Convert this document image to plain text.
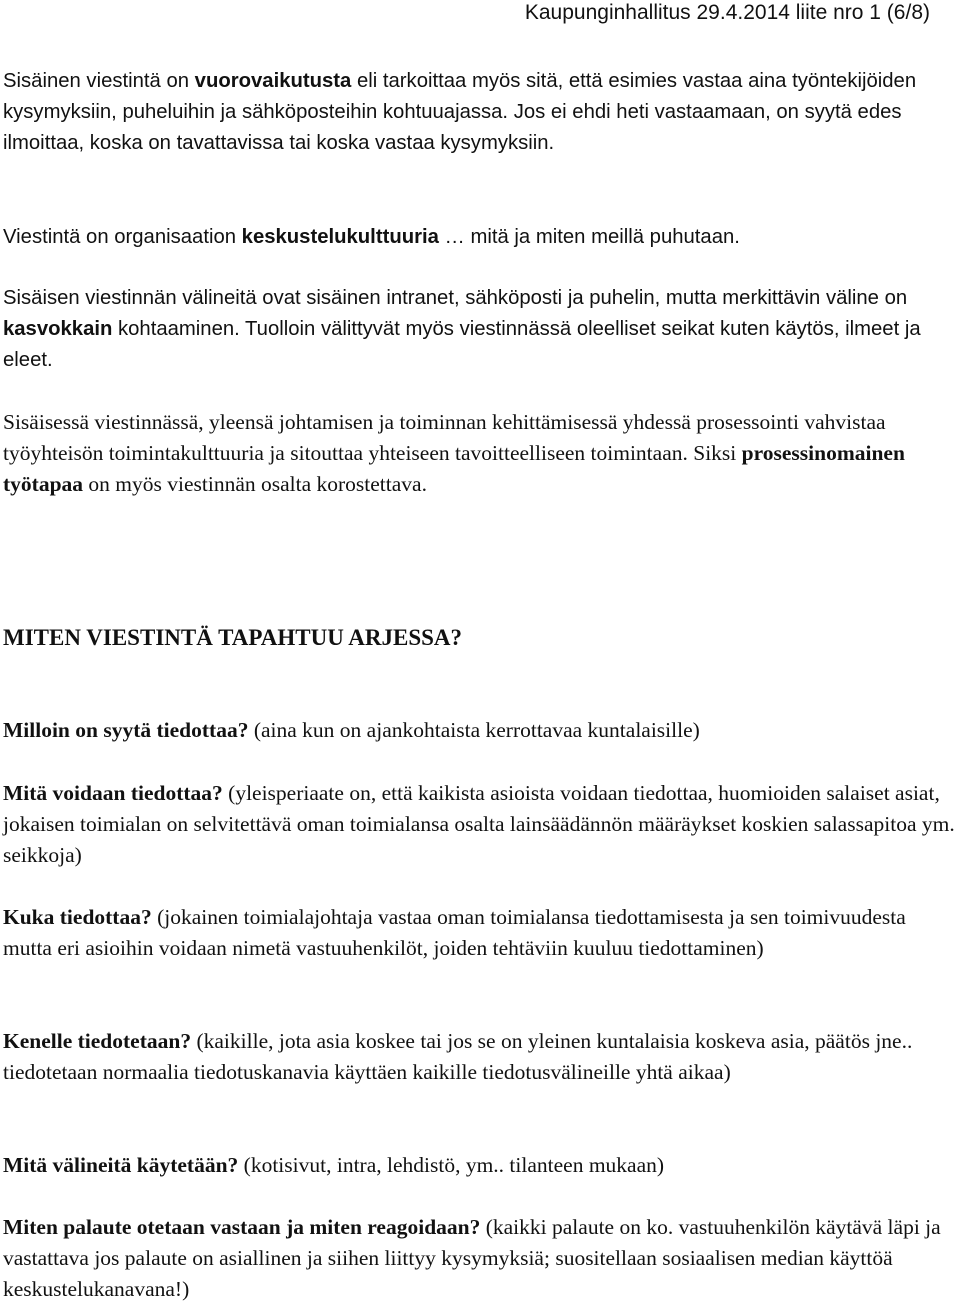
Kaupunginhallitus 29.4.2014 liite nro 1 (6/8)

Sisäinen viestintä on vuorovaikutusta eli tarkoittaa myös sitä, että esimies vastaa aina työntekijöiden kysymyksiin, puheluihin ja sähköposteihin kohtuuajassa. Jos ei ehdi heti vastaamaan, on syytä edes ilmoittaa, koska on tavattavissa tai koska vastaa kysymyksiin.

Viestintä on organisaation keskustelukulttuuria … mitä ja miten meillä puhutaan.

Sisäisen viestinnän välineitä ovat sisäinen intranet, sähköposti ja puhelin, mutta merkittävin väline on kasvokkain kohtaaminen. Tuolloin välittyvät myös viestinnässä oleelliset seikat kuten käytös, ilmeet ja eleet.

Sisäisessä viestinnässä, yleensä johtamisen ja toiminnan kehittämisessä yhdessä prosessointi vahvistaa työyhteisön toimintakulttuuria ja sitouttaa yhteiseen tavoitteelliseen toimintaan. Siksi prosessinomainen työtapaa on myös viestinnän osalta korostettava.

MITEN VIESTINTÄ TAPAHTUU ARJESSA?

Milloin on syytä tiedottaa? (aina kun on ajankohtaista kerrottavaa kuntalaisille)

Mitä voidaan tiedottaa? (yleisperiaate on, että kaikista asioista voidaan tiedottaa, huomioiden salaiset asiat, jokaisen toimialan on selvitettävä oman toimialansa osalta lainsäädännön määräykset koskien salassapitoa ym. seikkoja)

Kuka tiedottaa? (jokainen toimialajohtaja vastaa oman toimialansa tiedottamisesta ja sen toimivuudesta mutta eri asioihin voidaan nimetä vastuuhenkilöt, joiden tehtäviin kuuluu tiedottaminen)

Kenelle tiedotetaan? (kaikille, jota asia koskee tai jos se on yleinen kuntalaisia koskeva asia, päätös jne.. tiedotetaan normaalia tiedotuskanavia käyttäen kaikille tiedotusvälineille yhtä aikaa)

Mitä välineitä käytetään? (kotisivut, intra, lehdistö, ym.. tilanteen mukaan)

Miten palaute otetaan vastaan ja miten reagoidaan? (kaikki palaute on ko. vastuuhenkilön käytävä läpi ja vastattava jos palaute on asiallinen ja siihen liittyy kysymyksiä; suositellaan sosiaalisen median käyttöä keskustelukanavana!)
